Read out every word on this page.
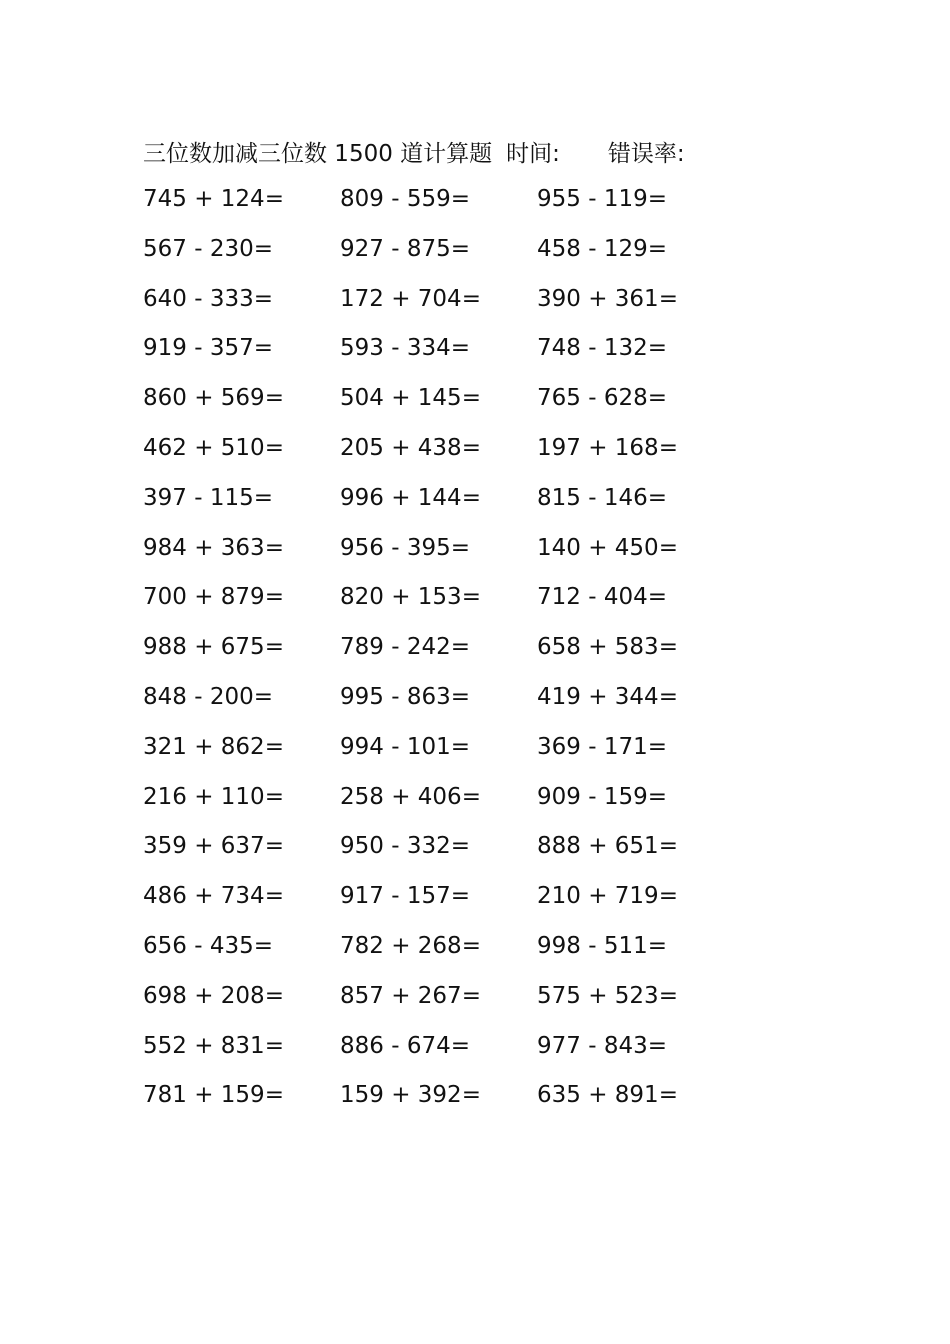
三位数加减三位数 1500 道计算题 时间: 错误率:
745 + 124=	809 - 559=	955 - 119=
567 - 230=	927 - 875=	458 - 129=
640 - 333=	172 + 704=	390 + 361=
919 - 357=	593 - 334=	748 - 132=
860 + 569=	504 + 145=	765 - 628=
462 + 510=	205 + 438=	197 + 168=
397 - 115=	996 + 144=	815 - 146=
984 + 363=	956 - 395=	140 + 450=
700 + 879=	820 + 153=	712 - 404=
988 + 675=	789 - 242=	658 + 583=
848 - 200=	995 - 863=	419 + 344=
321 + 862=	994 - 101=	369 - 171=
216 + 110=	258 + 406=	909 - 159=
359 + 637=	950 - 332=	888 + 651=
486 + 734=	917 - 157=	210 + 719=
656 - 435=	782 + 268=	998 - 511=
698 + 208=	857 + 267=	575 + 523=
552 + 831=	886 - 674=	977 - 843=
781 + 159=	159 + 392=	635 + 891=
